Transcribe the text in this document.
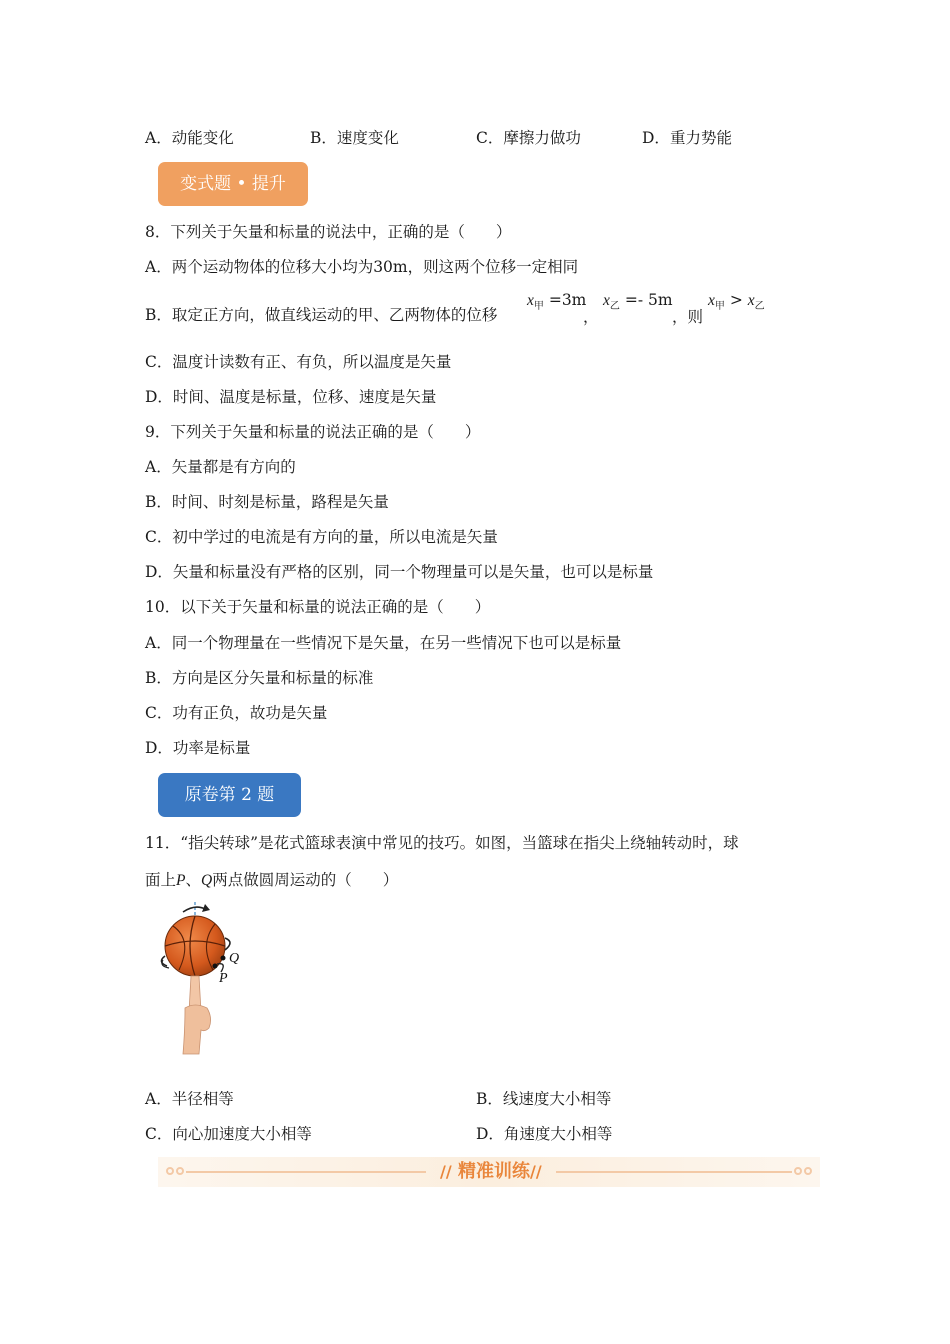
A．动能变化	B．速度变化	C．摩擦力做功	D．重力势能
变式题 • 提升
8．下列关于矢量和标量的说法中，正确的是（　　）
A．两个运动物体的位移大小均为30m，则这两个位移一定相同
B．取定正方向，做直线运动的甲、乙两物体的位移
$x_甲 =3m$
，
$x_乙 =- 5m$
，则
$x_甲 > x_乙$
C．温度计读数有正、有负，所以温度是矢量
D．时间、温度是标量，位移、速度是矢量
9．下列关于矢量和标量的说法正确的是（　　）
A．矢量都是有方向的
B．时间、时刻是标量，路程是矢量
C．初中学过的电流是有方向的量，所以电流是矢量
D．矢量和标量没有严格的区别，同一个物理量可以是矢量，也可以是标量
10．以下关于矢量和标量的说法正确的是（　　）
A．同一个物理量在一些情况下是矢量，在另一些情况下也可以是标量
B．方向是区分矢量和标量的标准
C．功有正负，故功是矢量
D．功率是标量
原卷第 2 题
11．“指尖转球”是花式篮球表演中常见的技巧。如图，当篮球在指尖上绕轴转动时，球
面上P、Q两点做圆周运动的（　　）
Q
P
A．半径相等	B．线速度大小相等
C．向心加速度大小相等	D．角速度大小相等
// 精准训练 //
